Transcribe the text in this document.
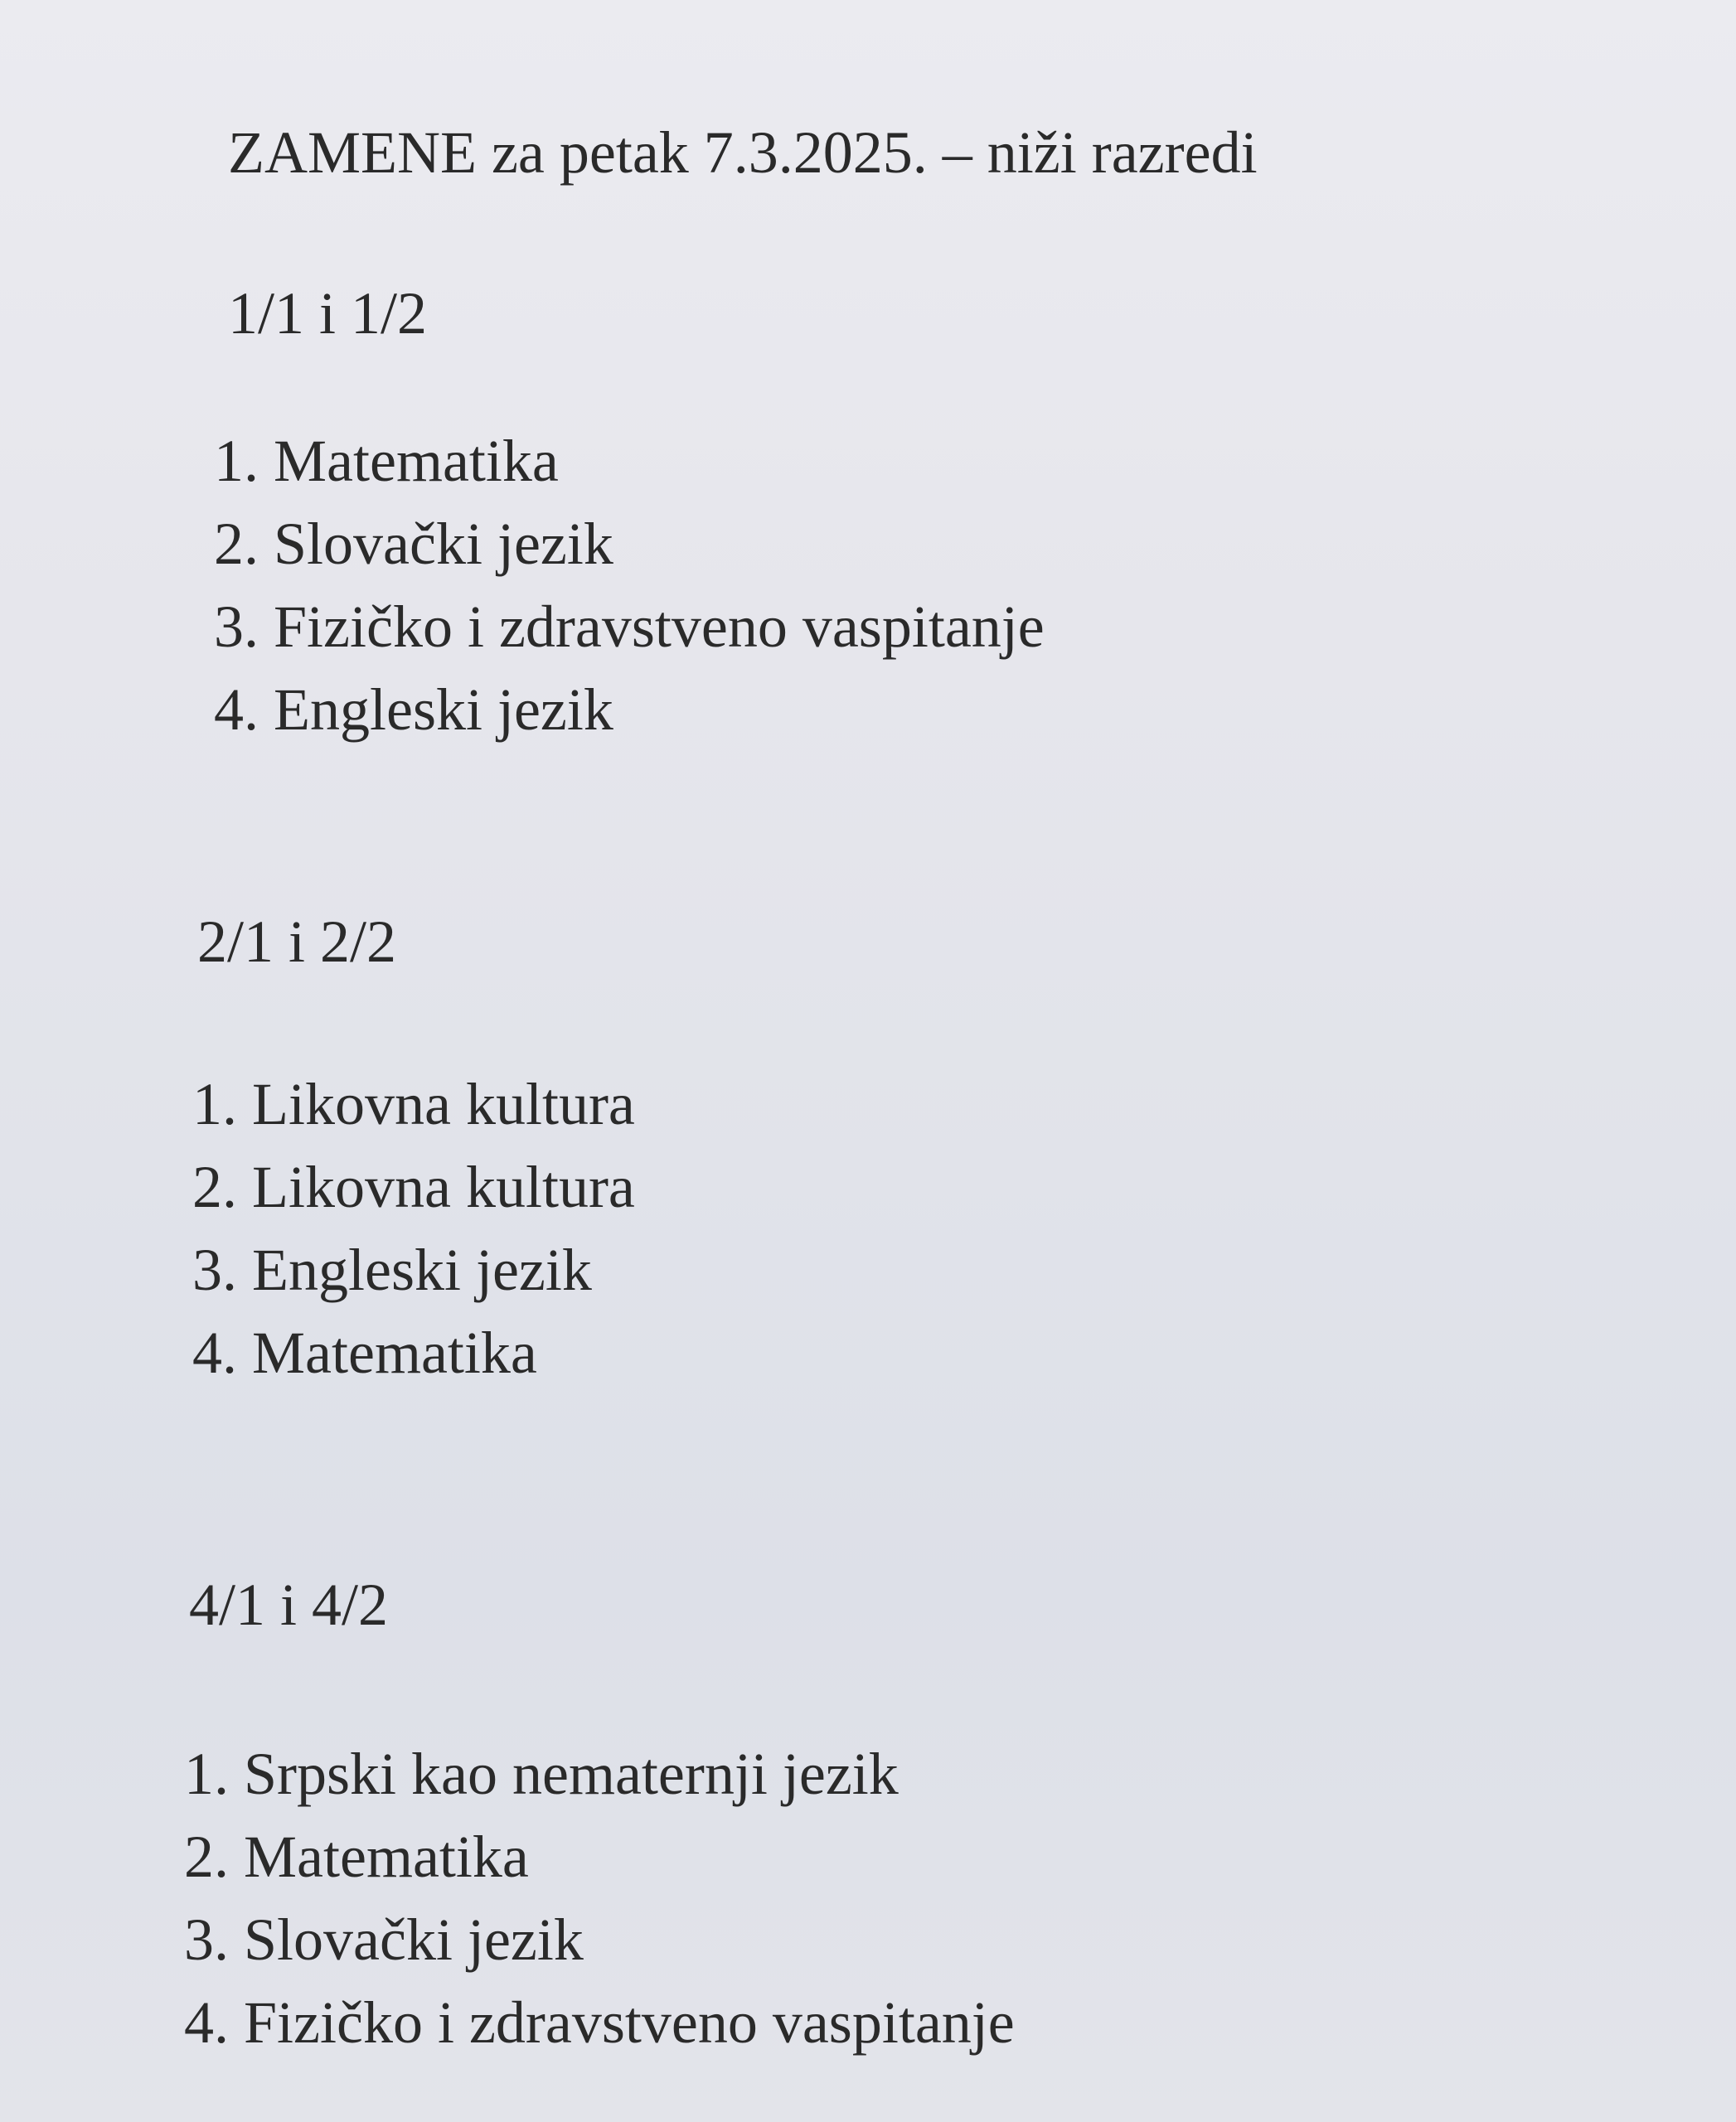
ZAMENE za petak 7.3.2025. – niži razredi
1/1 i 1/2
1. Matematika
2. Slovački jezik
3. Fizičko i zdravstveno vaspitanje
4. Engleski jezik
2/1 i 2/2
1. Likovna kultura
2. Likovna kultura
3. Engleski jezik
4. Matematika
4/1 i 4/2
1. Srpski kao nematernji jezik
2. Matematika
3. Slovački jezik
4. Fizičko i zdravstveno vaspitanje
